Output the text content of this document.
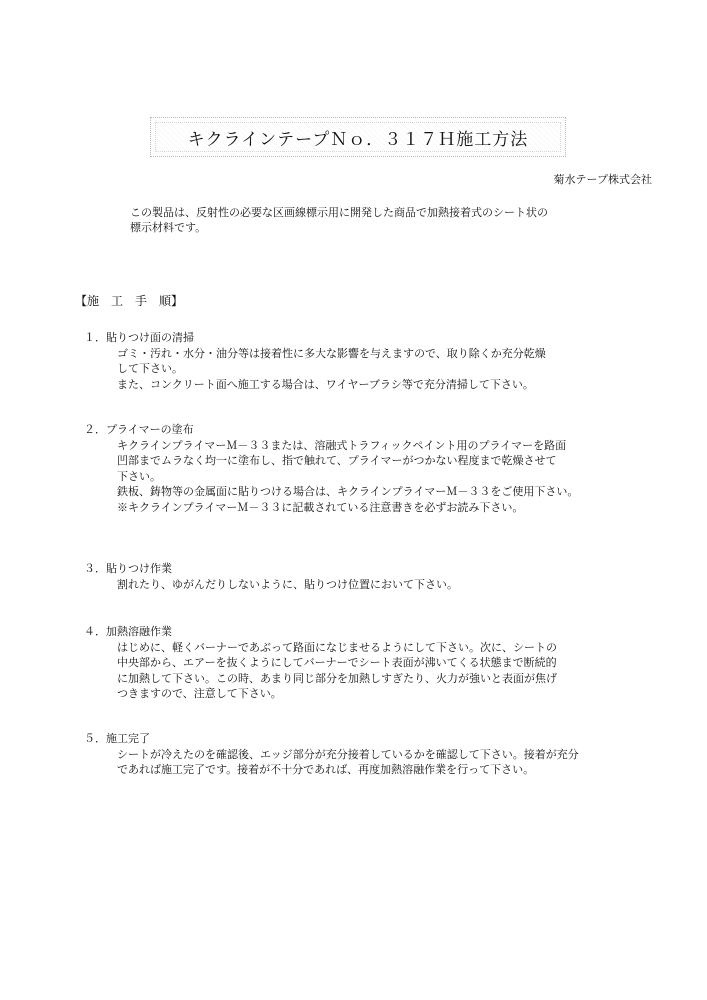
キクラインテープＮｏ．３１７Ｈ施工方法
菊水テープ株式会社

この製品は、反射性の必要な区画線標示用に開発した商品で加熱接着式のシート状の

標示材料です。

【施　工　手　順】
１．貼りつけ面の清掃

ゴミ・汚れ・水分・油分等は接着性に多大な影響を与えますので、取り除くか充分乾燥

して下さい。

また、コンクリート面へ施工する場合は、ワイヤーブラシ等で充分清掃して下さい。

２．プライマーの塗布

キクラインプライマーＭ－３３または、溶融式トラフィックペイント用のプライマーを路面

凹部までムラなく均一に塗布し、指で触れて、プライマーがつかない程度まで乾燥させて

下さい。

鉄板、鋳物等の金属面に貼りつける場合は、キクラインプライマーＭ－３３をご使用下さい。

※キクラインプライマーＭ－３３に記載されている注意書きを必ずお読み下さい。

３．貼りつけ作業

割れたり、ゆがんだりしないように、貼りつけ位置において下さい。

４．加熱溶融作業

はじめに、軽くバーナーであぶって路面になじませるようにして下さい。次に、シートの

中央部から、エアーを抜くようにしてバーナーでシート表面が沸いてくる状態まで断続的

に加熱して下さい。この時、あまり同じ部分を加熱しすぎたり、火力が強いと表面が焦げ

つきますので、注意して下さい。

５．施工完了

シートが冷えたのを確認後、エッジ部分が充分接着しているかを確認して下さい。接着が充分

であれば施工完了です。接着が不十分であれば、再度加熱溶融作業を行って下さい。
